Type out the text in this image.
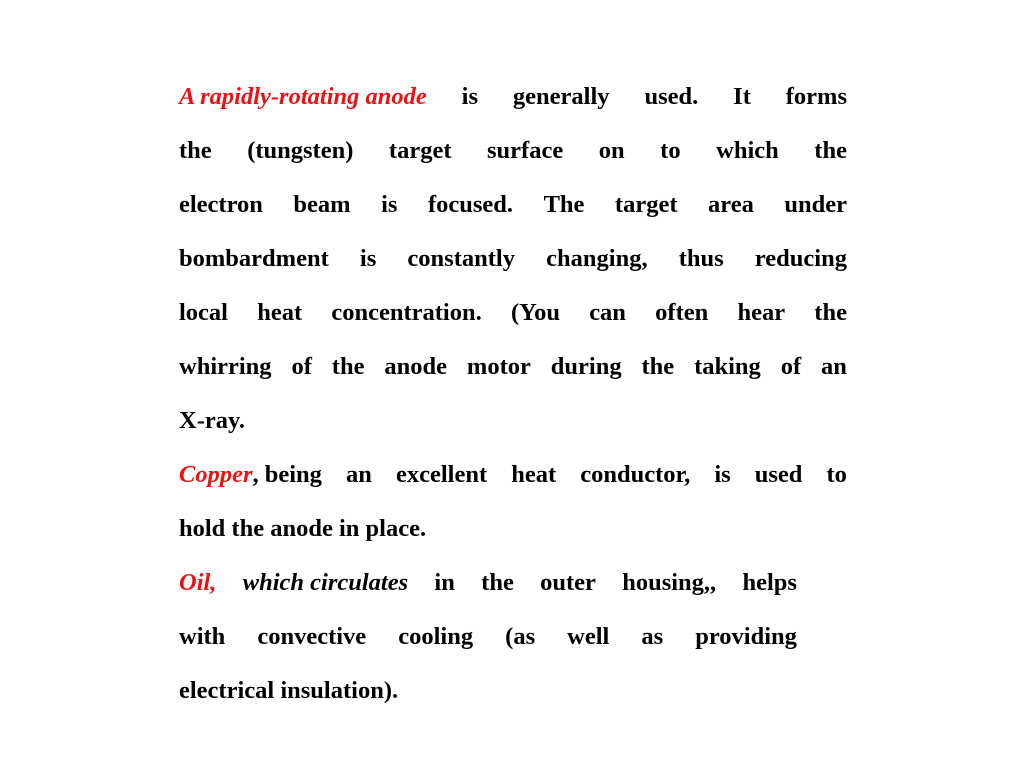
A rapidly-rotating anode is generally used. It forms
the (tungsten) target surface on to which the
electron beam is focused. The target area under
bombardment is constantly changing, thus reducing
local heat concentration. (You can often hear the
whirring of the anode motor during the taking of an
X-ray.
Copper, being an excellent heat conductor, is used to
hold the anode in place.
Oil, which circulates in the outer housing,, helps
with convective cooling (as well as providing
electrical insulation).
